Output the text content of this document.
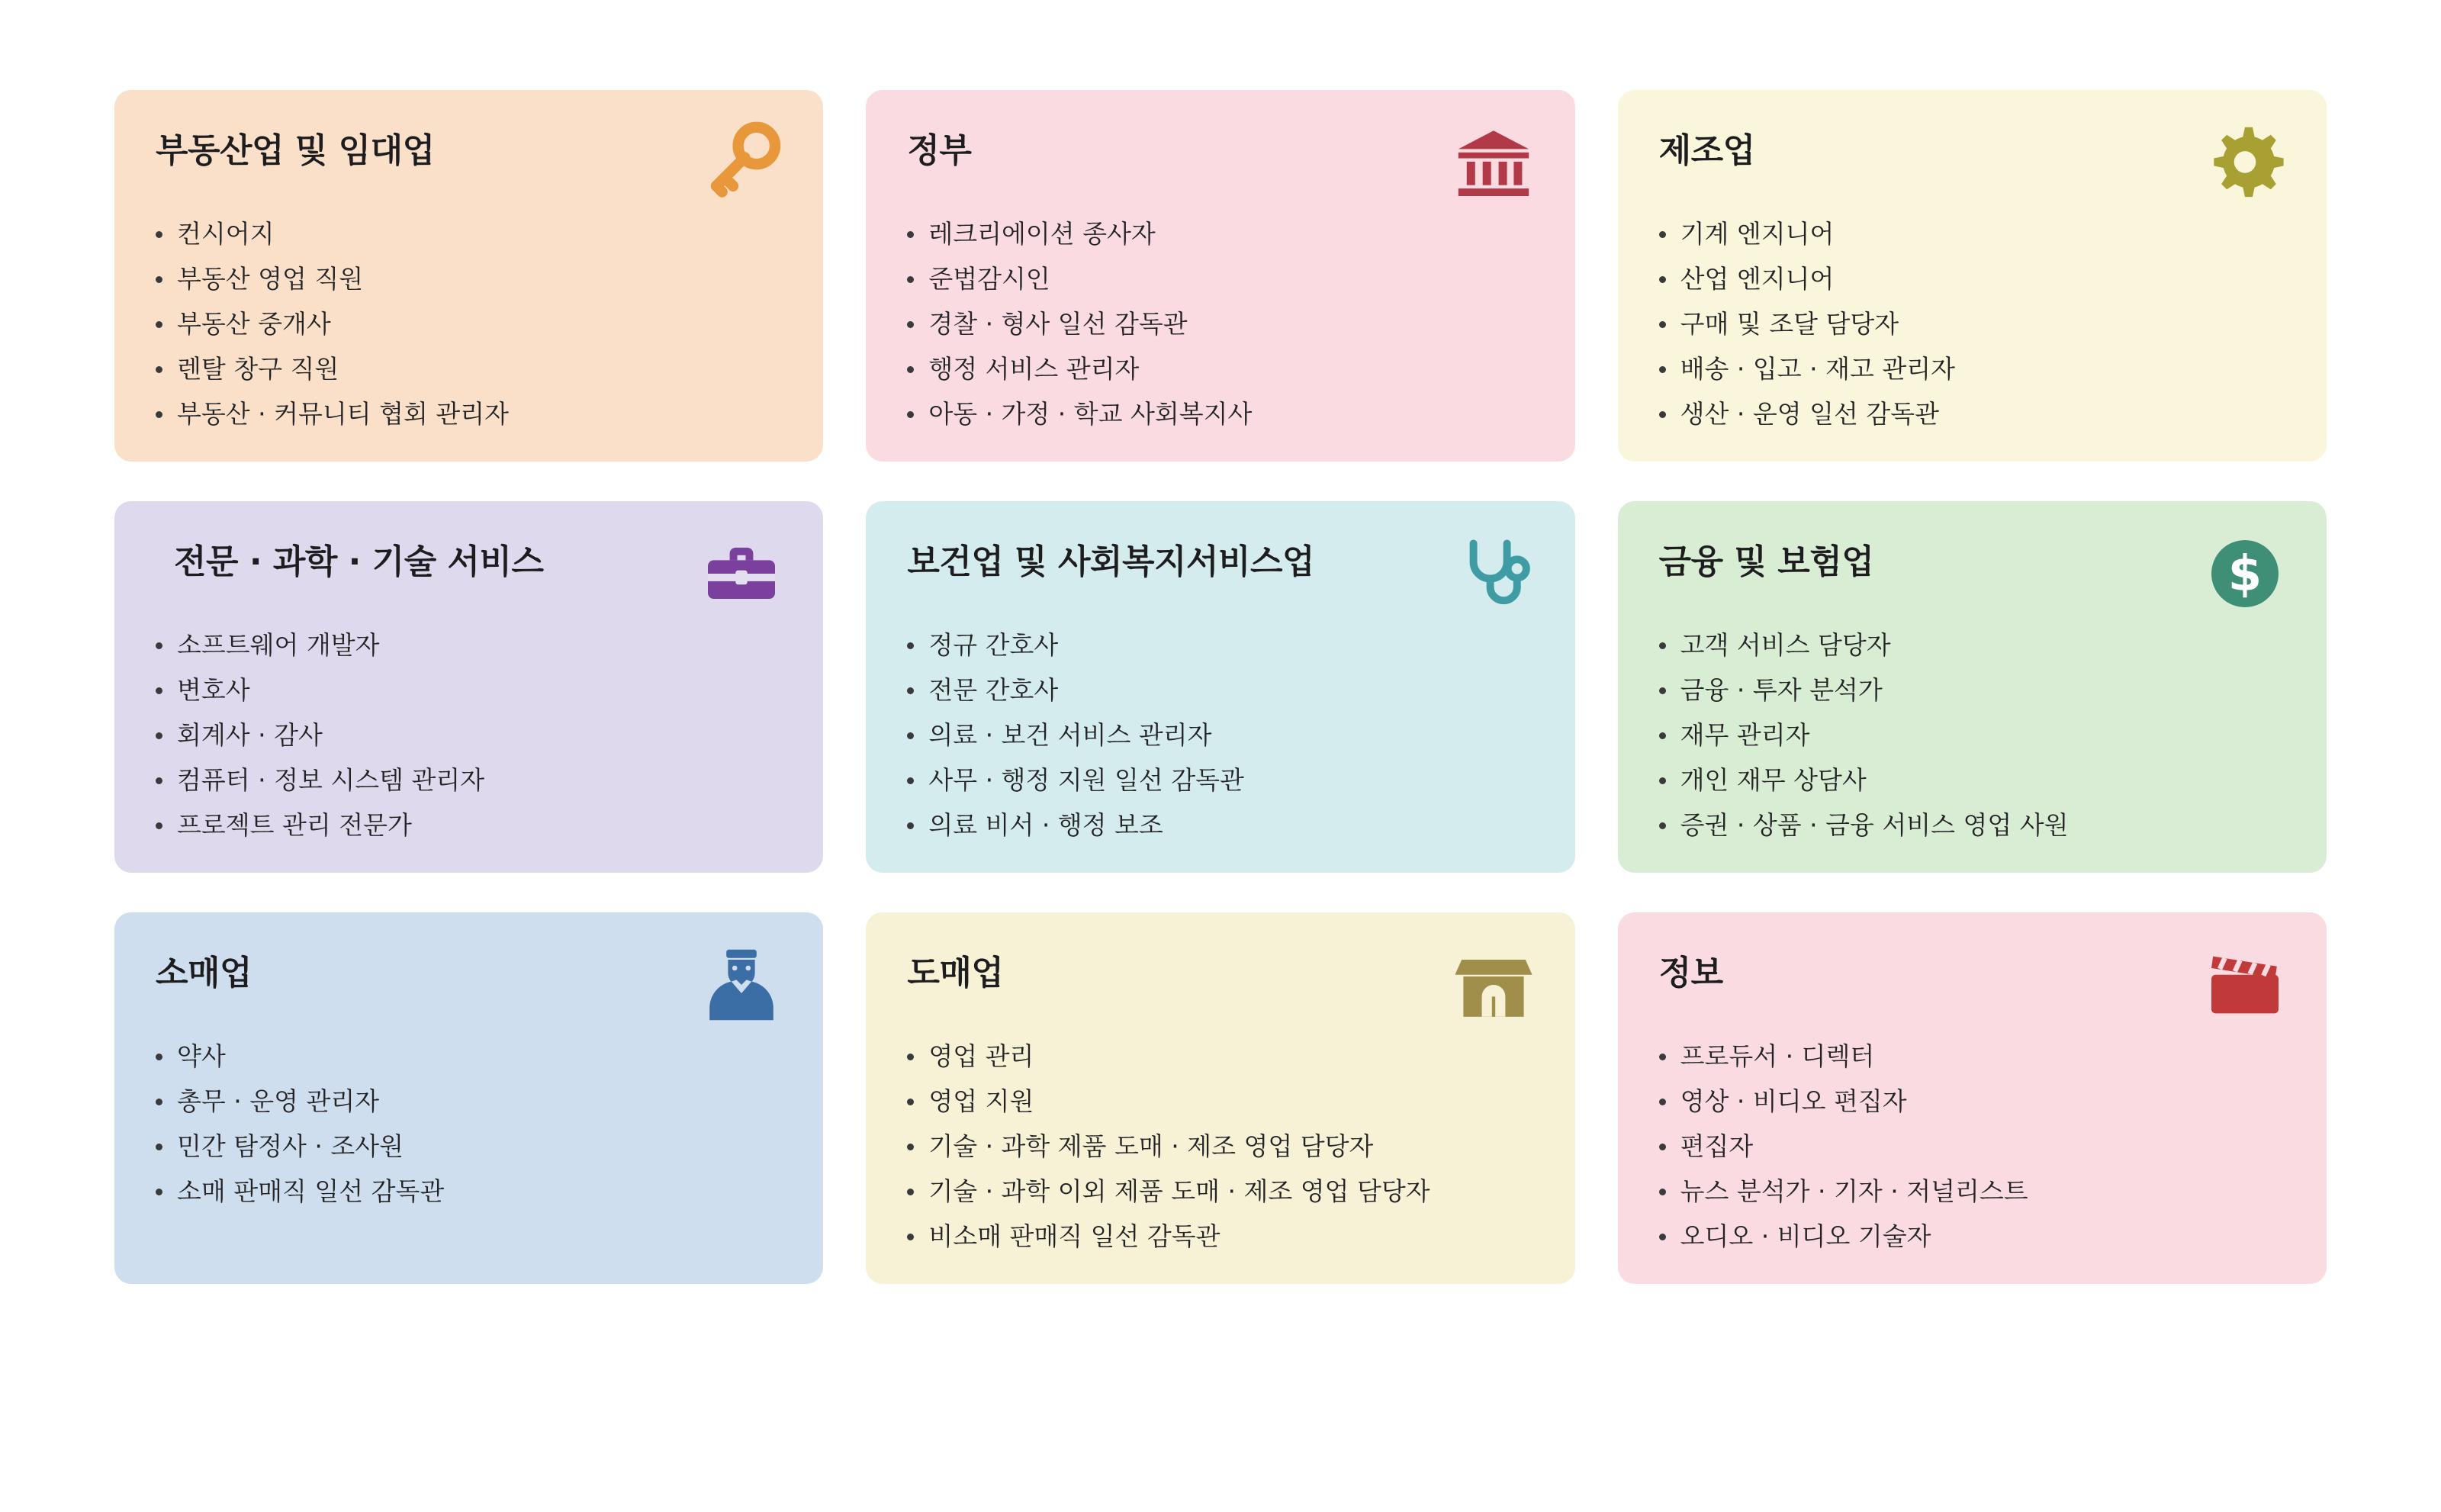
부동산업 및 임대업
컨시어지
부동산 영업 직원
부동산 중개사
렌탈 창구 직원
부동산 · 커뮤니티 협회 관리자
정부
레크리에이션 종사자
준법감시인
경찰 · 형사 일선 감독관
행정 서비스 관리자
아동 · 가정 · 학교 사회복지사
제조업
기계 엔지니어
산업 엔지니어
구매 및 조달 담당자
배송 · 입고 · 재고 관리자
생산 · 운영 일선 감독관
전문 · 과학 · 기술 서비스
소프트웨어 개발자
변호사
회계사 · 감사
컴퓨터 · 정보 시스템 관리자
프로젝트 관리 전문가
보건업 및 사회복지서비스업
정규 간호사
전문 간호사
의료 · 보건 서비스 관리자
사무 · 행정 지원 일선 감독관
의료 비서 · 행정 보조
금융 및 보험업	$
고객 서비스 담당자
금융 · 투자 분석가
재무 관리자
개인 재무 상담사
증권 · 상품 · 금융 서비스 영업 사원
소매업
약사
총무 · 운영 관리자
민간 탐정사 · 조사원
소매 판매직 일선 감독관
도매업
영업 관리
영업 지원
기술 · 과학 제품 도매 · 제조 영업 담당자
기술 · 과학 이외 제품 도매 · 제조 영업 담당자
비소매 판매직 일선 감독관
정보
프로듀서 · 디렉터
영상 · 비디오 편집자
편집자
뉴스 분석가 · 기자 · 저널리스트
오디오 · 비디오 기술자
